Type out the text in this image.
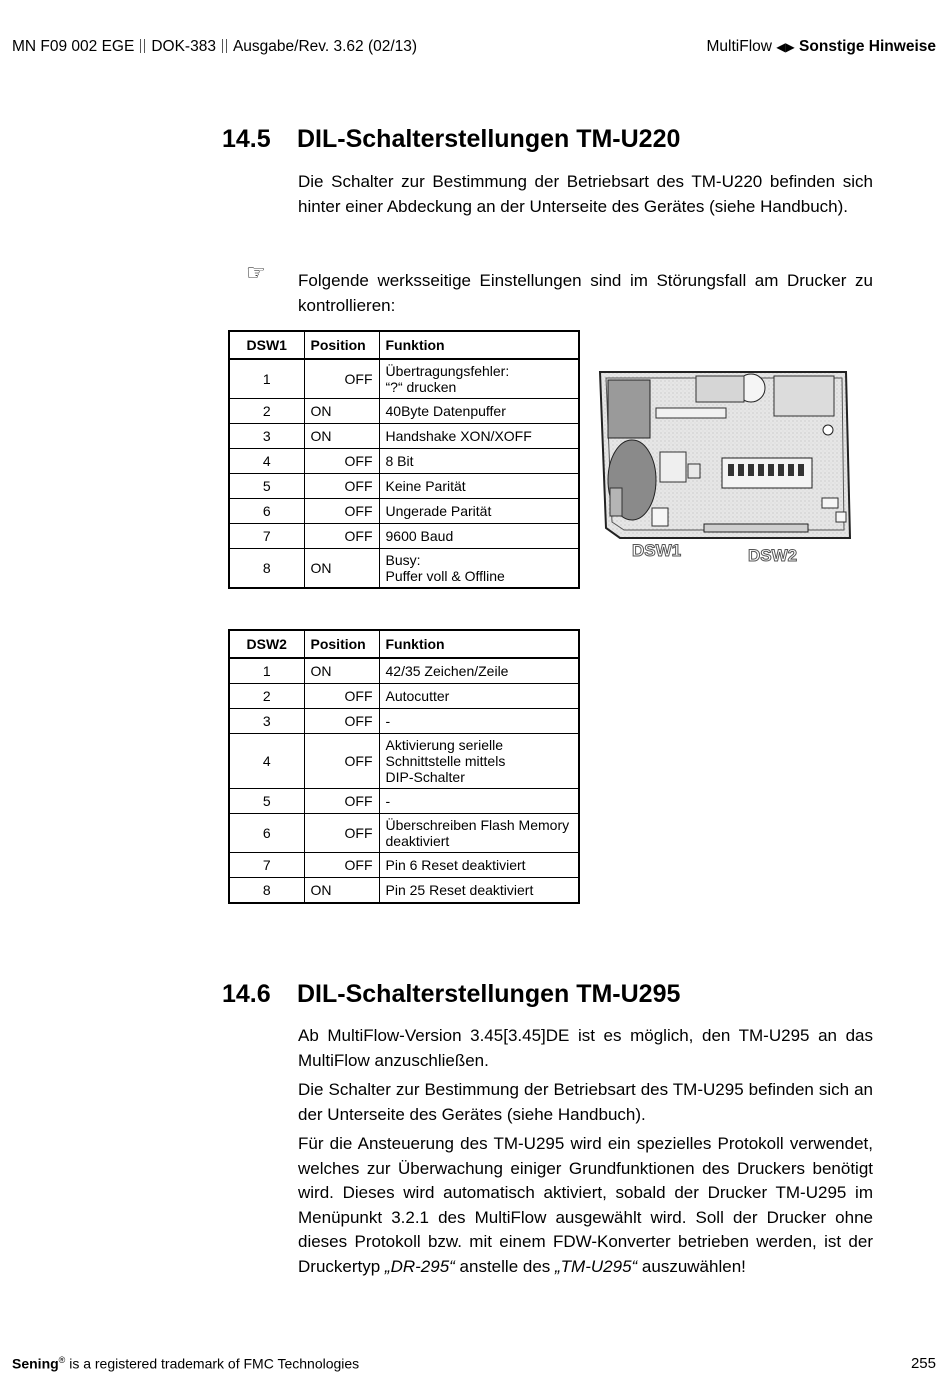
MN F09 002 EGE DOK-383 Ausgabe/Rev. 3.62 (02/13)	MultiFlow ◀▶ Sonstige Hinweise
14.5 DIL-Schalterstellungen TM-U220

Die Schalter zur Bestimmung der Betriebsart des TM-U220 befinden sich hinter einer Abdeckung an der Unterseite des Gerätes (siehe Handbuch).

☞ Folgende werksseitige Einstellungen sind im Störungsfall am Drucker zu kontrollieren:

DSW1	Position	Funktion
1	OFF	Übertragungsfehler:
“?“ drucken

2	ON	40Byte Datenpuffer

3	ON	Handshake XON/XOFF

4	OFF	8 Bit

5	OFF	Keine Parität

6	OFF	Ungerade Parität

7	OFF	9600 Baud

8	ON	Busy:
Puffer voll & Offline
DSW1	DSW2
DSW2	Position	Funktion
1	ON	42/35 Zeichen/Zeile

2	OFF	Autocutter

3	OFF	-

4	OFF	Aktivierung serielle
Schnittstelle mittels
DIP-Schalter

5	OFF	-

6	OFF	Überschreiben Flash Memory
deaktiviert

7	OFF	Pin 6 Reset deaktiviert

8	ON	Pin 25 Reset deaktiviert
14.6 DIL-Schalterstellungen TM-U295

Ab MultiFlow-Version 3.45[3.45]DE ist es möglich, den TM-U295 an das MultiFlow anzuschließen.

Die Schalter zur Bestimmung der Betriebsart des TM-U295 befinden sich an der Unterseite des Gerätes (siehe Handbuch).

Für die Ansteuerung des TM-U295 wird ein spezielles Protokoll verwendet, welches zur Überwachung einiger Grundfunktionen des Druckers benötigt wird. Dieses wird automatisch aktiviert, sobald der Drucker TM-U295 im Menüpunkt 3.2.1 des MultiFlow ausgewählt wird. Soll der Drucker ohne dieses Protokoll bzw. mit einem FDW-Konverter betrieben werden, ist der Druckertyp „DR-295“ anstelle des „TM-U295“ auszuwählen!

Sening® is a registered trademark of FMC Technologies	255
